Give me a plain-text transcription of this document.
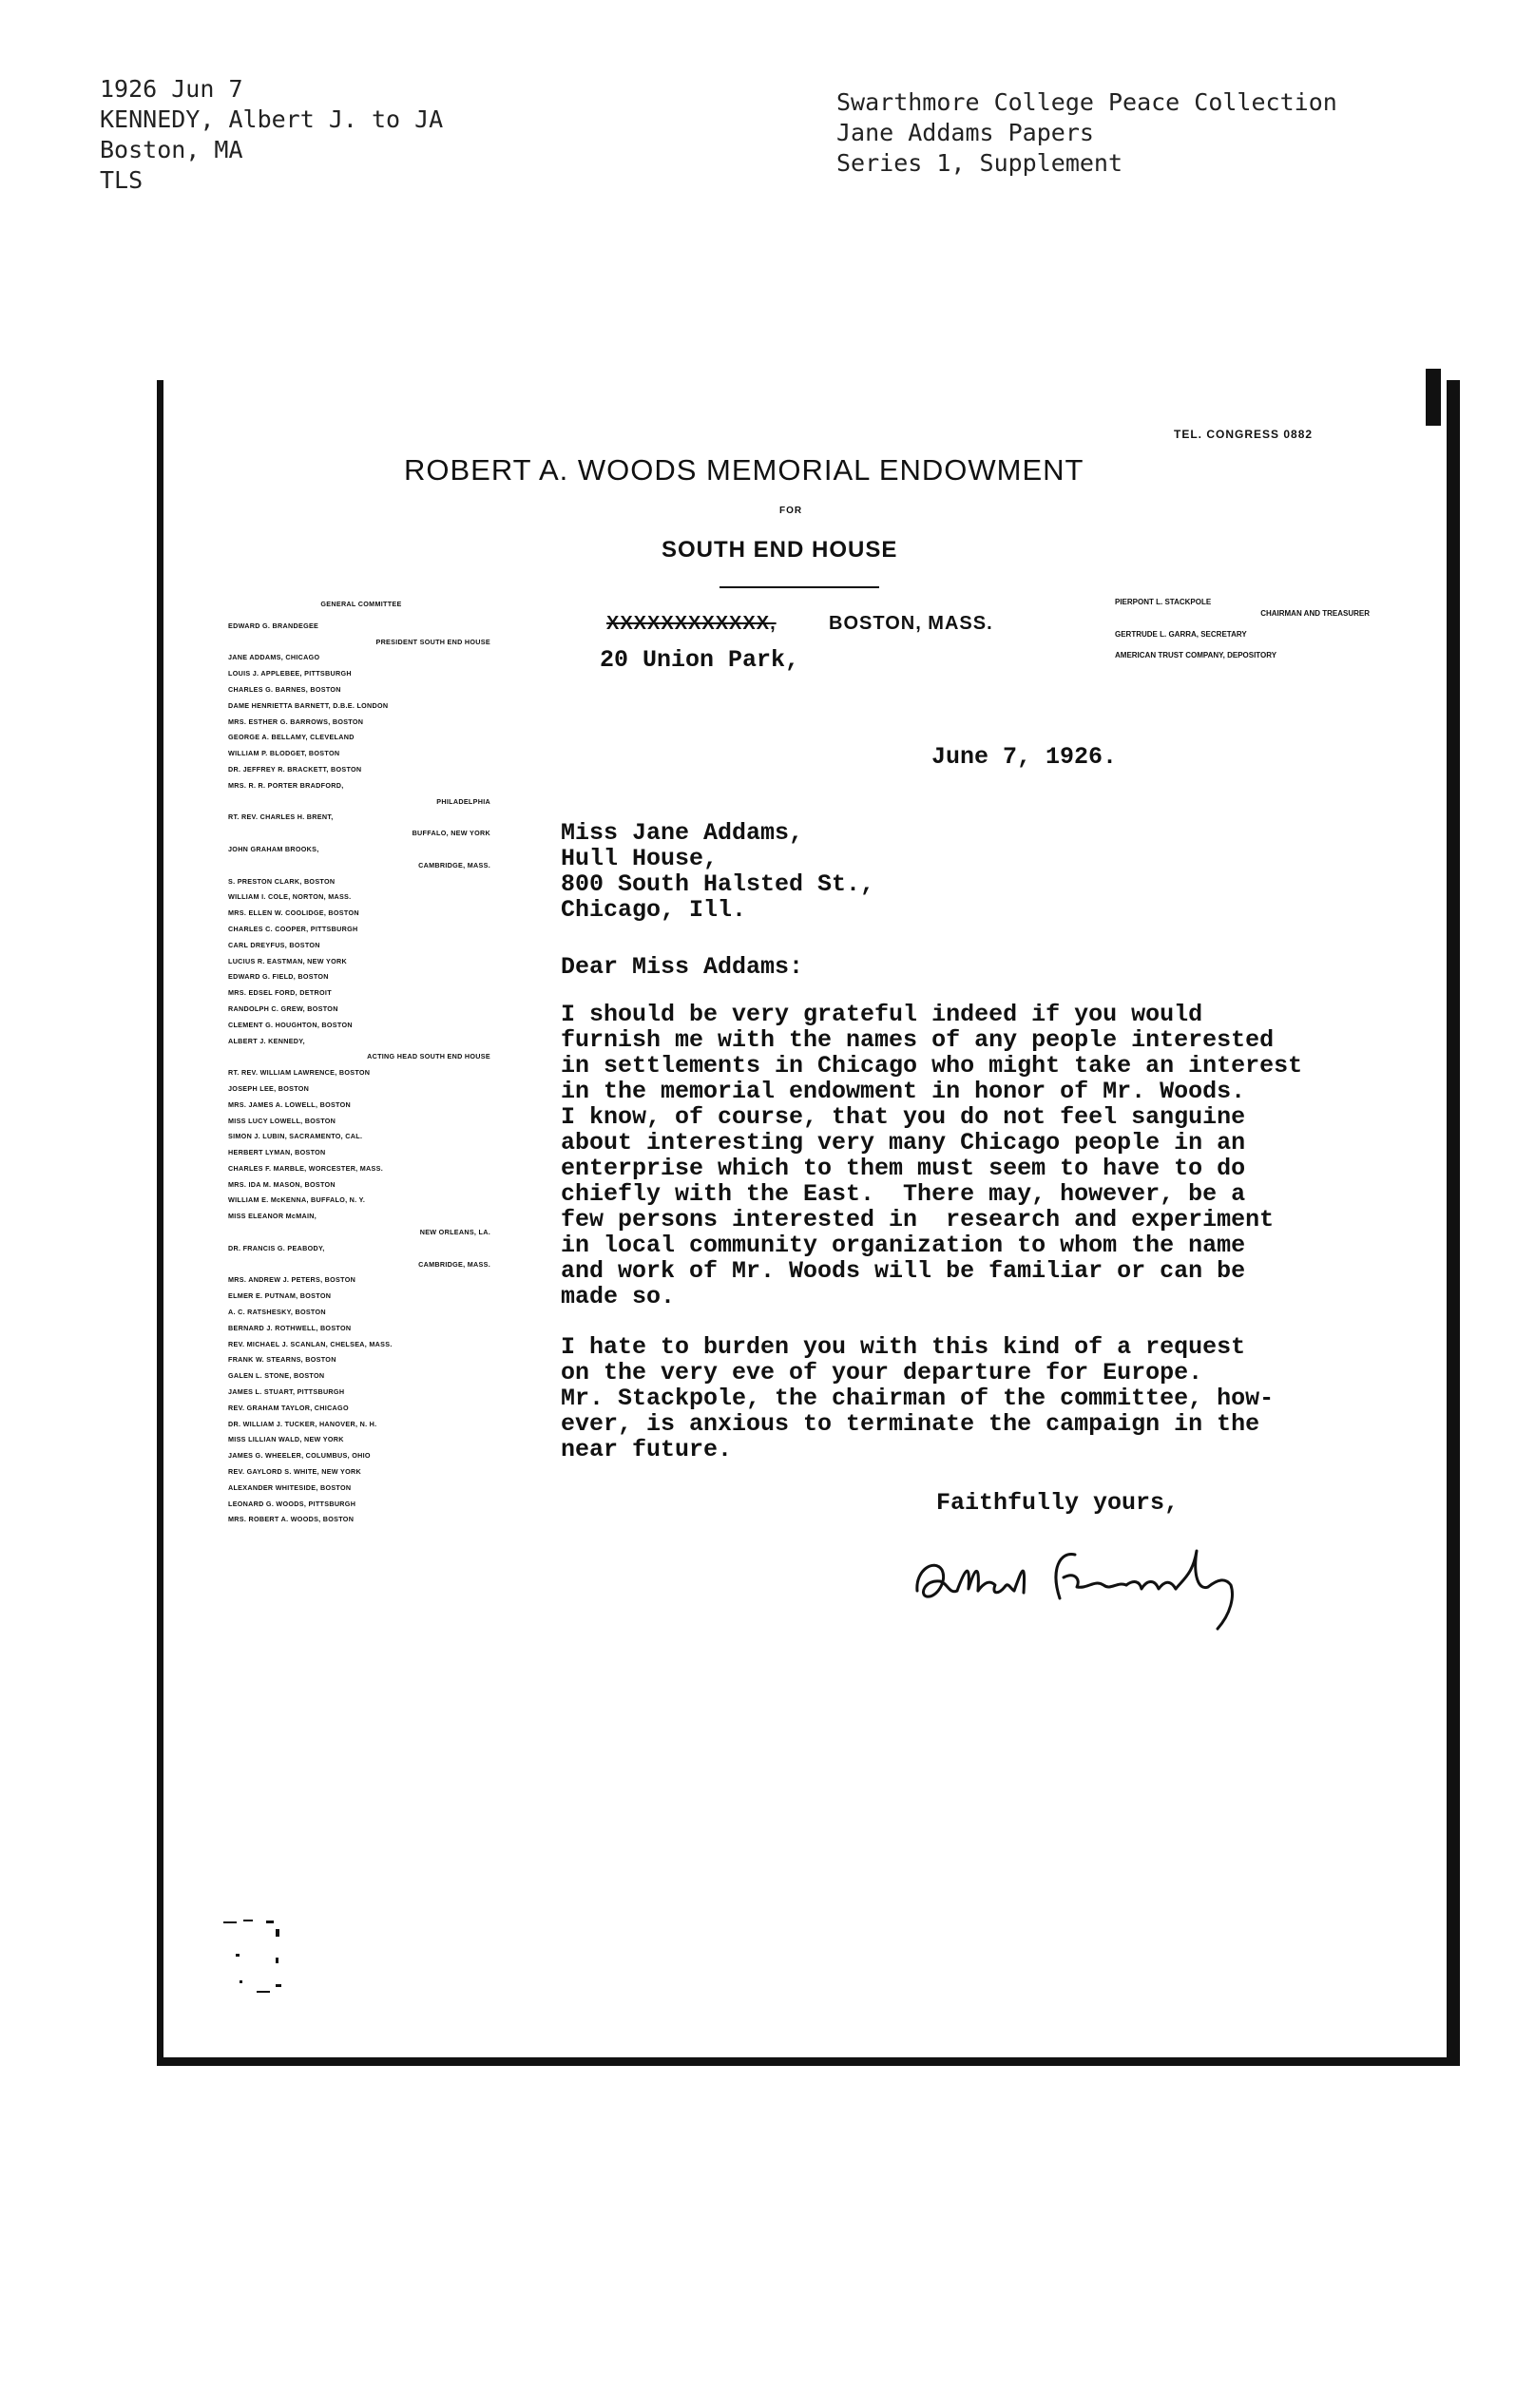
1926 Jun 7
KENNEDY, Albert J. to JA
Boston, MA
TLS
Swarthmore College Peace Collection
Jane Addams Papers
Series 1, Supplement
TEL. CONGRESS 0882
ROBERT A. WOODS MEMORIAL ENDOWMENT
FOR
SOUTH END HOUSE
XXXXXXXXXXXX,	BOSTON, MASS.
20 Union Park,
PIERPONT L. STACKPOLE
CHAIRMAN AND TREASURER
GERTRUDE L. GARRA, SECRETARY
AMERICAN TRUST COMPANY, DEPOSITORY
GENERAL COMMITTEE
EDWARD G. BRANDEGEE
PRESIDENT SOUTH END HOUSE
JANE ADDAMS, CHICAGO
LOUIS J. APPLEBEE, PITTSBURGH
CHARLES G. BARNES, BOSTON
DAME HENRIETTA BARNETT, D.B.E. LONDON
MRS. ESTHER G. BARROWS, BOSTON
GEORGE A. BELLAMY, CLEVELAND
WILLIAM P. BLODGET, BOSTON
DR. JEFFREY R. BRACKETT, BOSTON
MRS. R. R. PORTER BRADFORD,
PHILADELPHIA
RT. REV. CHARLES H. BRENT,
BUFFALO, NEW YORK
JOHN GRAHAM BROOKS,
CAMBRIDGE, MASS.
S. PRESTON CLARK, BOSTON
WILLIAM I. COLE, NORTON, MASS.
MRS. ELLEN W. COOLIDGE, BOSTON
CHARLES C. COOPER, PITTSBURGH
CARL DREYFUS, BOSTON
LUCIUS R. EASTMAN, NEW YORK
EDWARD G. FIELD, BOSTON
MRS. EDSEL FORD, DETROIT
RANDOLPH C. GREW, BOSTON
CLEMENT G. HOUGHTON, BOSTON
ALBERT J. KENNEDY,
ACTING HEAD SOUTH END HOUSE
RT. REV. WILLIAM LAWRENCE, BOSTON
JOSEPH LEE, BOSTON
MRS. JAMES A. LOWELL, BOSTON
MISS LUCY LOWELL, BOSTON
SIMON J. LUBIN, SACRAMENTO, CAL.
HERBERT LYMAN, BOSTON
CHARLES F. MARBLE, WORCESTER, MASS.
MRS. IDA M. MASON, BOSTON
WILLIAM E. McKENNA, BUFFALO, N. Y.
MISS ELEANOR McMAIN,
NEW ORLEANS, LA.
DR. FRANCIS G. PEABODY,
CAMBRIDGE, MASS.
MRS. ANDREW J. PETERS, BOSTON
ELMER E. PUTNAM, BOSTON
A. C. RATSHESKY, BOSTON
BERNARD J. ROTHWELL, BOSTON
REV. MICHAEL J. SCANLAN, CHELSEA, MASS.
FRANK W. STEARNS, BOSTON
GALEN L. STONE, BOSTON
JAMES L. STUART, PITTSBURGH
REV. GRAHAM TAYLOR, CHICAGO
DR. WILLIAM J. TUCKER, HANOVER, N. H.
MISS LILLIAN WALD, NEW YORK
JAMES G. WHEELER, COLUMBUS, OHIO
REV. GAYLORD S. WHITE, NEW YORK
ALEXANDER WHITESIDE, BOSTON
LEONARD G. WOODS, PITTSBURGH
MRS. ROBERT A. WOODS, BOSTON
June 7, 1926.
Miss Jane Addams,
Hull House,
800 South Halsted St.,
Chicago, Ill.
Dear Miss Addams:
I should be very grateful indeed if you would
furnish me with the names of any people interested
in settlements in Chicago who might take an interest
in the memorial endowment in honor of Mr. Woods.
I know, of course, that you do not feel sanguine
about interesting very many Chicago people in an
enterprise which to them must seem to have to do
chiefly with the East.  There may, however, be a
few persons interested in  research and experiment
in local community organization to whom the name
and work of Mr. Woods will be familiar or can be
made so.
I hate to burden you with this kind of a request
on the very eve of your departure for Europe.
Mr. Stackpole, the chairman of the committee, how-
ever, is anxious to terminate the campaign in the
near future.
Faithfully yours,
